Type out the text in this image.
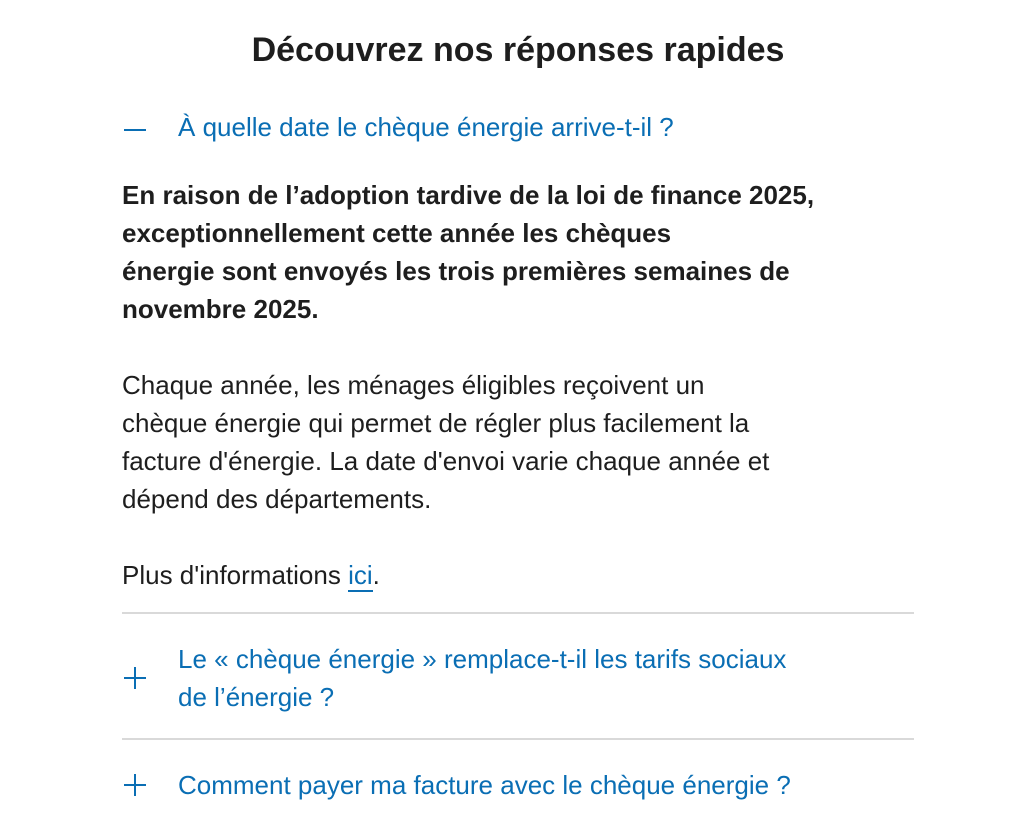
Découvrez nos réponses rapides
À quelle date le chèque énergie arrive-t-il ?

En raison de l’adoption tardive de la loi de finance 2025,
exceptionnellement cette année les chèques
énergie sont envoyés les trois premières semaines de
novembre 2025.

Chaque année, les ménages éligibles reçoivent un
chèque énergie qui permet de régler plus facilement la
facture d'énergie. La date d'envoi varie chaque année et
dépend des départements.

Plus d'informations ici.

Le « chèque énergie » remplace-t-il les tarifs sociaux
de l’énergie ?
Comment payer ma facture avec le chèque énergie ?
